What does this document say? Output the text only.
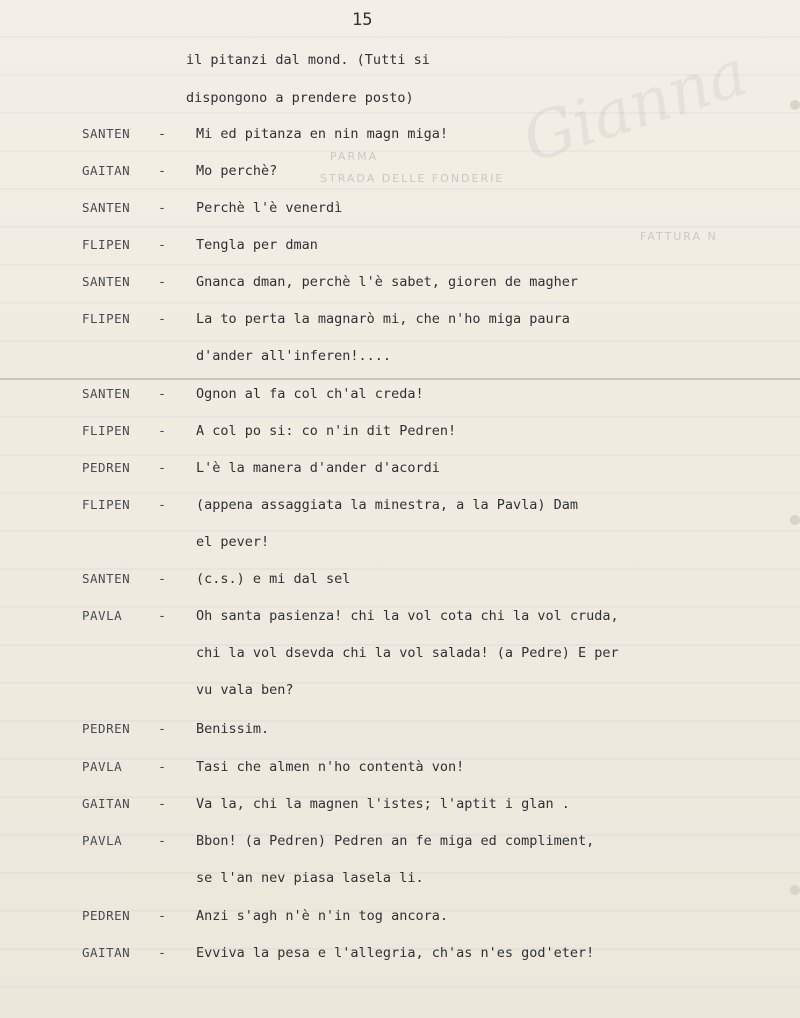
Gianna
PARMA
STRADA DELLE FONDERIE
FATTURA N
15
il pitanzi dal mond. (Tutti si
dispongono a prendere posto)
SANTEN - Mi ed pitanza en nin magn miga!
GAITAN - Mo perchè?
SANTEN - Perchè l'è venerdì
FLIPEN - Tengla per dman
SANTEN - Gnanca dman, perchè l'è sabet, gioren de magher
FLIPEN - La to perta la magnarò mi, che n'ho miga paura
d'ander all'inferen!....
SANTEN - Ognon al fa col ch'al creda!
FLIPEN - A col po si: co n'in dit Pedren!
PEDREN - L'è la manera d'ander d'acordi
FLIPEN - (appena assaggiata la minestra, a la Pavla) Dam
el pever!
SANTEN - (c.s.) e mi dal sel
PAVLA	- Oh santa pasienza! chi la vol cota chi la vol cruda,
chi la vol dsevda chi la vol salada! (a Pedre) E per
vu vala ben?
PEDREN - Benissim.
PAVLA	- Tasi che almen n'ho contentà von!
GAITAN - Va la, chi la magnen l'istes; l'aptit i glan .
PAVLA	- Bbon! (a Pedren) Pedren an fe miga ed compliment,
se l'an nev piasa lasela li.
PEDREN - Anzi s'agh n'è n'in tog ancora.
GAITAN - Evviva la pesa e l'allegria, ch'as n'es god'eter!
